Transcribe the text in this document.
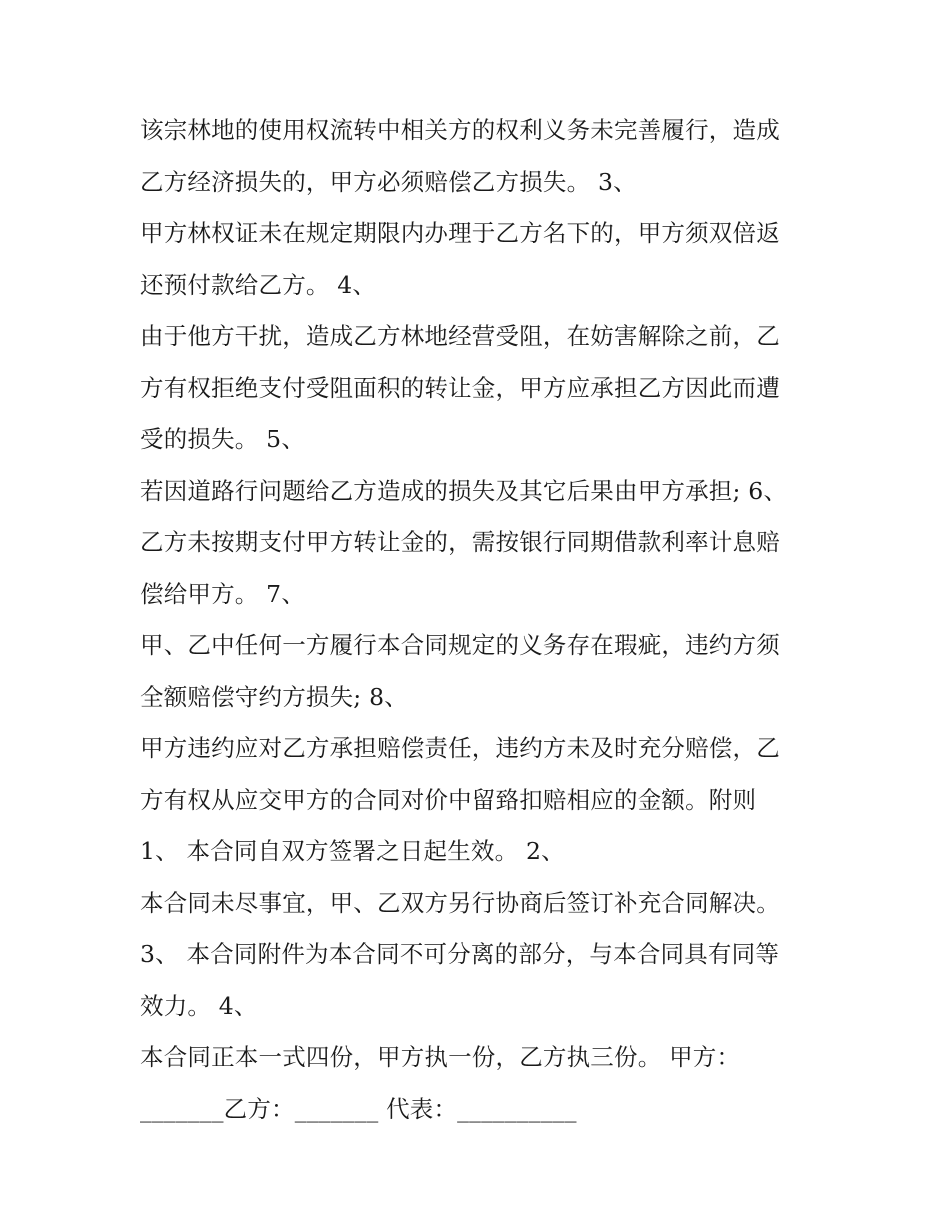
该宗林地的使用权流转中相关方的权利义务未完善履行，造成
乙方经济损失的，甲方必须赔偿乙方损失。 3、
甲方林权证未在规定期限内办理于乙方名下的，甲方须双倍返
还预付款给乙方。 4、
由于他方干扰，造成乙方林地经营受阻，在妨害解除之前，乙
方有权拒绝支付受阻面积的转让金，甲方应承担乙方因此而遭
受的损失。 5、
若因道路行问题给乙方造成的损失及其它后果由甲方承担; 6、
乙方未按期支付甲方转让金的，需按银行同期借款利率计息赔
偿给甲方。 7、
甲、乙中任何一方履行本合同规定的义务存在瑕疵，违约方须
全额赔偿守约方损失; 8、
甲方违约应对乙方承担赔偿责任，违约方未及时充分赔偿，乙
方有权从应交甲方的合同对价中留臵扣赔相应的金额。附则
1、 本合同自双方签署之日起生效。 2、
本合同未尽事宜，甲、乙双方另行协商后签订补充合同解决。
3、 本合同附件为本合同不可分离的部分，与本合同具有同等
效力。 4、
本合同正本一式四份，甲方执一份，乙方执三份。 甲方：
_______乙方：_______ 代表：__________
